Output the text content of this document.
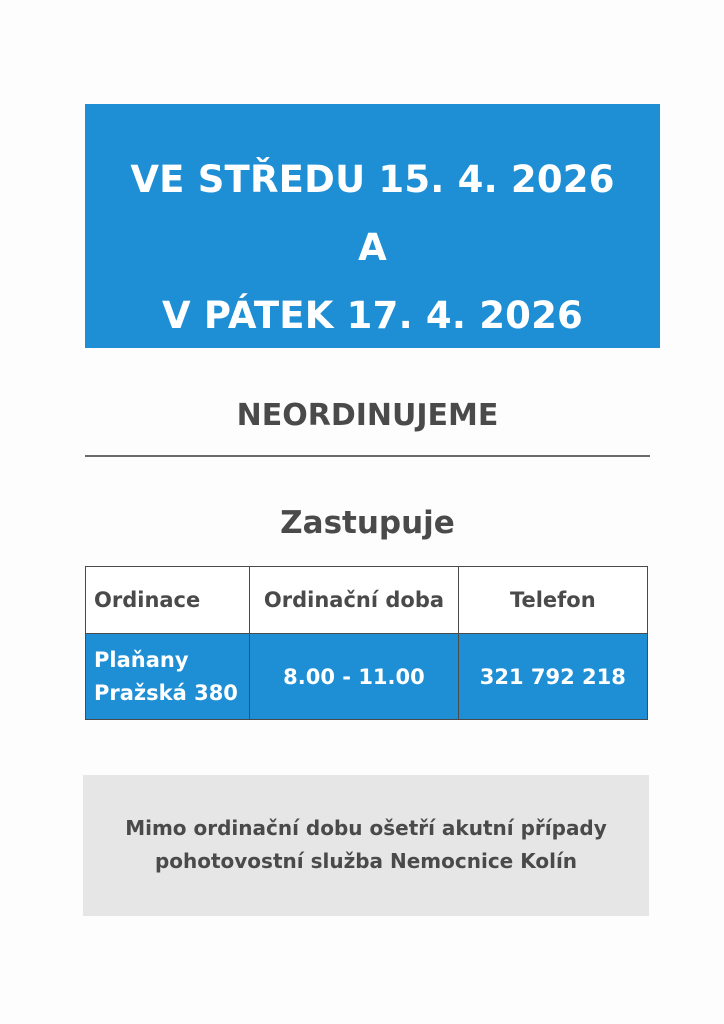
VE STŘEDU 15. 4. 2026
A
V PÁTEK 17. 4. 2026
NEORDINUJEME
Zastupuje
Ordinace	Ordinační doba	Telefon

Plaňany
Pražská 380	8.00 - 11.00	321 792 218
Mimo ordinační dobu ošetří akutní případy
pohotovostní služba Nemocnice Kolín
